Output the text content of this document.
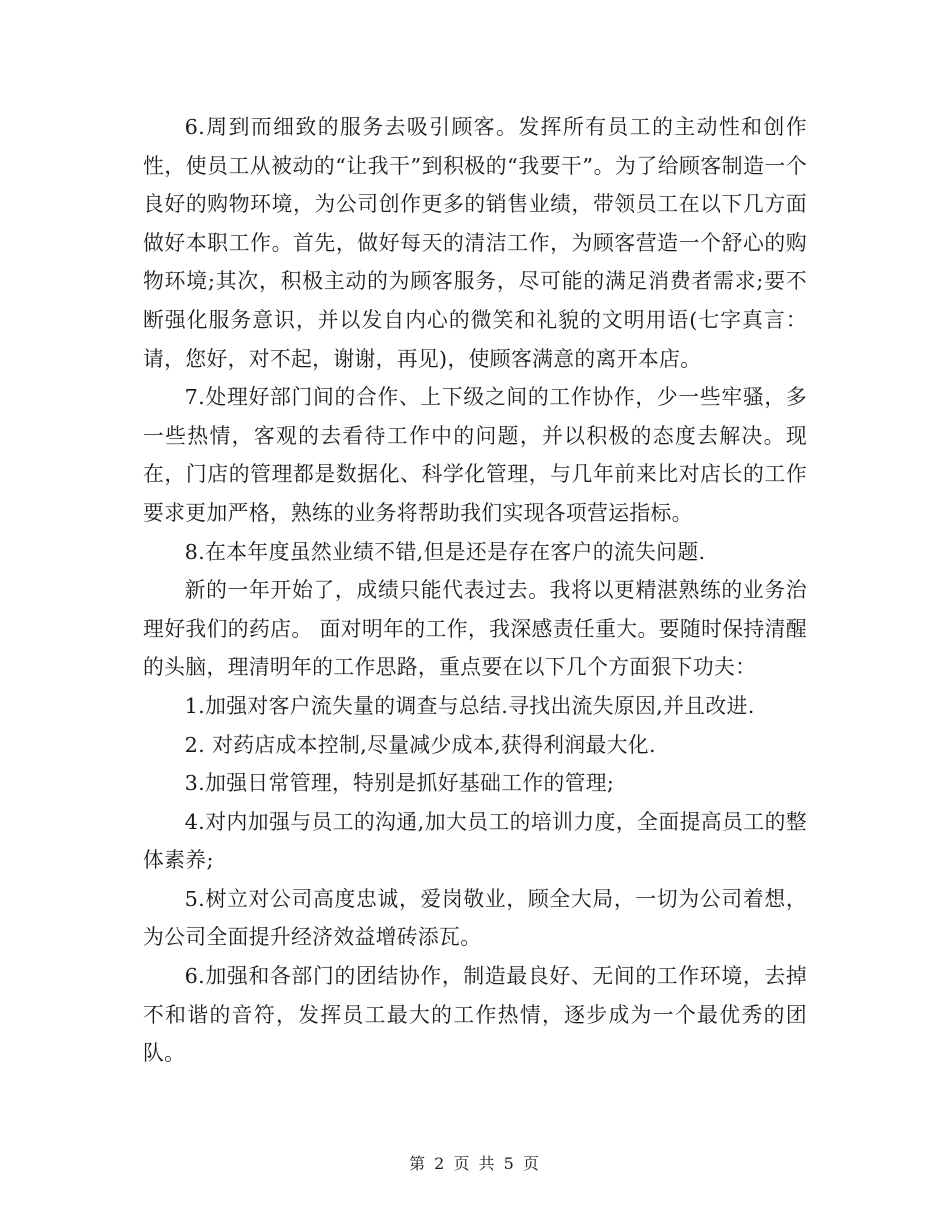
6.周到而细致的服务去吸引顾客。发挥所有员工的主动性和创作性，使员工从被动的“让我干”到积极的“我要干”。为了给顾客制造一个良好的购物环境，为公司创作更多的销售业绩，带领员工在以下几方面做好本职工作。首先，做好每天的清洁工作，为顾客营造一个舒心的购物环境;其次，积极主动的为顾客服务，尽可能的满足消费者需求;要不断强化服务意识，并以发自内心的微笑和礼貌的文明用语(七字真言：请，您好，对不起，谢谢，再见)，使顾客满意的离开本店。

7.处理好部门间的合作、上下级之间的工作协作，少一些牢骚，多一些热情，客观的去看待工作中的问题，并以积极的态度去解决。现在，门店的管理都是数据化、科学化管理，与几年前来比对店长的工作要求更加严格，熟练的业务将帮助我们实现各项营运指标。

8.在本年度虽然业绩不错,但是还是存在客户的流失问题.

新的一年开始了，成绩只能代表过去。我将以更精湛熟练的业务治理好我们的药店。 面对明年的工作，我深感责任重大。要随时保持清醒的头脑，理清明年的工作思路，重点要在以下几个方面狠下功夫：

1.加强对客户流失量的调查与总结.寻找出流失原因,并且改进.

2. 对药店成本控制,尽量减少成本,获得利润最大化.

3.加强日常管理，特别是抓好基础工作的管理;

4.对内加强与员工的沟通,加大员工的培训力度，全面提高员工的整体素养;

5.树立对公司高度忠诚，爱岗敬业，顾全大局，一切为公司着想，为公司全面提升经济效益增砖添瓦。

6.加强和各部门的团结协作，制造最良好、无间的工作环境，去掉不和谐的音符，发挥员工最大的工作热情，逐步成为一个最优秀的团队。

第 2 页 共 5 页
